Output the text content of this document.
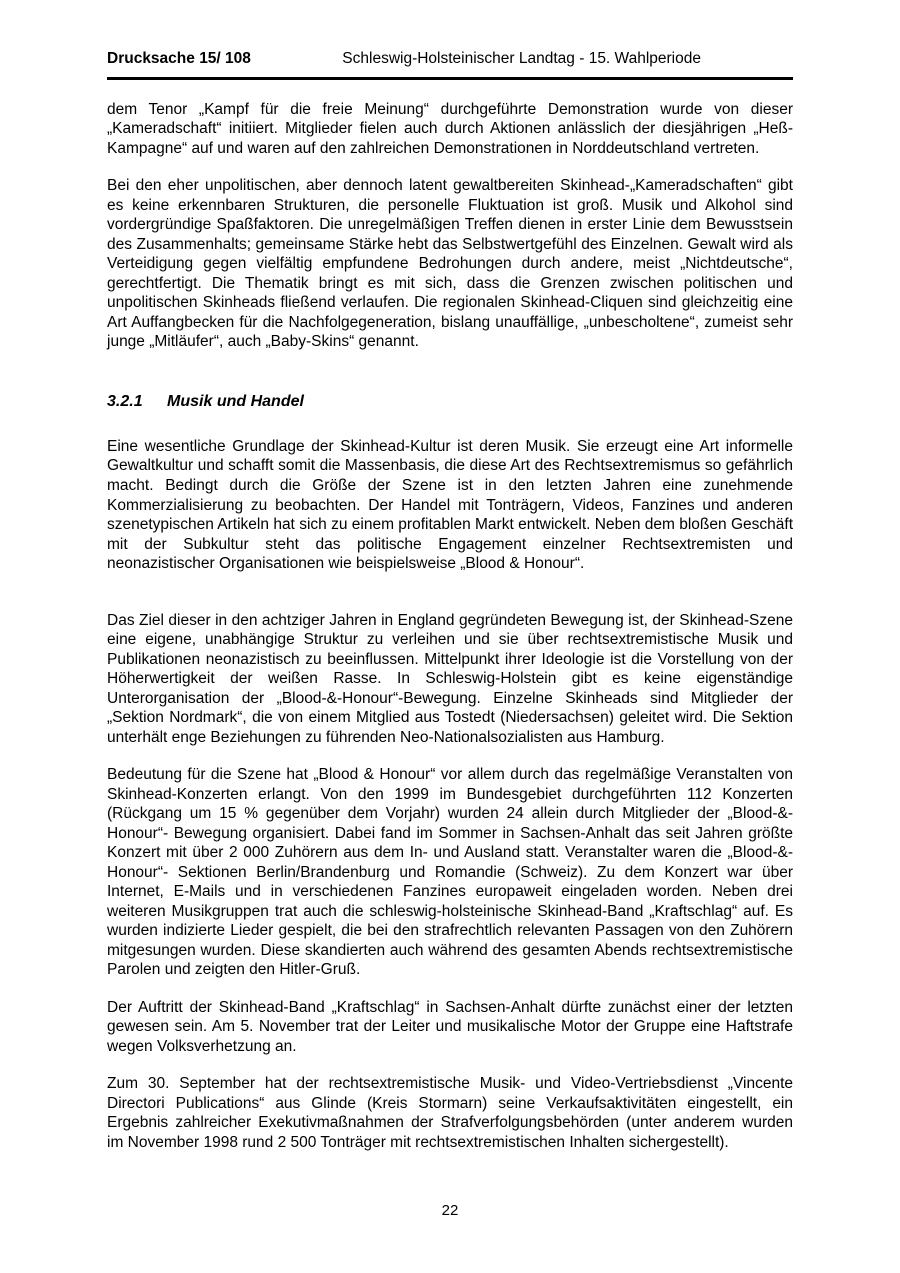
Drucksache 15/ 108	Schleswig-Holsteinischer Landtag - 15. Wahlperiode

dem Tenor „Kampf für die freie Meinung“ durchgeführte Demonstration wurde von dieser „Kameradschaft“ initiiert. Mitglieder fielen auch durch Aktionen anlässlich der diesjährigen „Heß-Kampagne“ auf und waren auf den zahlreichen Demonstrationen in Norddeutschland vertreten.

Bei den eher unpolitischen, aber dennoch latent gewaltbereiten Skinhead-„Kameradschaften“ gibt es keine erkennbaren Strukturen, die personelle Fluktuation ist groß. Musik und Alkohol sind vordergründige Spaßfaktoren. Die unregelmäßigen Treffen dienen in erster Linie dem Bewusstsein des Zusammenhalts; gemeinsame Stärke hebt das Selbstwertgefühl des Einzelnen. Gewalt wird als Verteidigung gegen vielfältig empfundene Bedrohungen durch andere, meist „Nichtdeutsche“, gerechtfertigt. Die Thematik bringt es mit sich, dass die Grenzen zwischen politischen und unpolitischen Skinheads fließend verlaufen. Die regionalen Skinhead-Cliquen sind gleichzeitig eine Art Auffangbecken für die Nachfolgegeneration, bislang unauffällige, „unbescholtene“, zumeist sehr junge „Mitläufer“, auch „Baby-Skins“ genannt.

3.2.1 Musik und Handel

Eine wesentliche Grundlage der Skinhead-Kultur ist deren Musik. Sie erzeugt eine Art informelle Gewaltkultur und schafft somit die Massenbasis, die diese Art des Rechtsextremismus so gefährlich macht. Bedingt durch die Größe der Szene ist in den letzten Jahren eine zunehmende Kommerzialisierung zu beobachten. Der Handel mit Tonträgern, Videos, Fanzines und anderen szenetypischen Artikeln hat sich zu einem profitablen Markt entwickelt. Neben dem bloßen Geschäft mit der Subkultur steht das politische Engagement einzelner Rechtsextremisten und neonazistischer Organisationen wie beispielsweise „Blood & Honour“.

Das Ziel dieser in den achtziger Jahren in England gegründeten Bewegung ist, der Skinhead-Szene eine eigene, unabhängige Struktur zu verleihen und sie über rechtsextremistische Musik und Publikationen neonazistisch zu beeinflussen. Mittelpunkt ihrer Ideologie ist die Vorstellung von der Höherwertigkeit der weißen Rasse. In Schleswig-Holstein gibt es keine eigenständige Unterorganisation der „Blood-&-Honour“-Bewegung. Einzelne Skinheads sind Mitglieder der „Sektion Nordmark“, die von einem Mitglied aus Tostedt (Niedersachsen) geleitet wird. Die Sektion unterhält enge Beziehungen zu führenden Neo-Nationalsozialisten aus Hamburg.

Bedeutung für die Szene hat „Blood & Honour“ vor allem durch das regelmäßige Veranstalten von Skinhead-Konzerten erlangt. Von den 1999 im Bundesgebiet durchgeführten 112 Konzerten (Rückgang um 15 % gegenüber dem Vorjahr) wurden 24 allein durch Mitglieder der „Blood-&-Honour“- Bewegung organisiert. Dabei fand im Sommer in Sachsen-Anhalt das seit Jahren größte Konzert mit über 2 000 Zuhörern aus dem In- und Ausland statt. Veranstalter waren die „Blood-&-Honour“- Sektionen Berlin/Brandenburg und Romandie (Schweiz). Zu dem Konzert war über Internet, E-Mails und in verschiedenen Fanzines europaweit eingeladen worden. Neben drei weiteren Musikgruppen trat auch die schleswig-holsteinische Skinhead-Band „Kraftschlag“ auf. Es wurden indizierte Lieder gespielt, die bei den strafrechtlich relevanten Passagen von den Zuhörern mitgesungen wurden. Diese skandierten auch während des gesamten Abends rechtsextremistische Parolen und zeigten den Hitler-Gruß.

Der Auftritt der Skinhead-Band „Kraftschlag“ in Sachsen-Anhalt dürfte zunächst einer der letzten gewesen sein. Am 5. November trat der Leiter und musikalische Motor der Gruppe eine Haftstrafe wegen Volksverhetzung an.

Zum 30. September hat der rechtsextremistische Musik- und Video-Vertriebsdienst „Vincente Directori Publications“ aus Glinde (Kreis Stormarn) seine Verkaufsaktivitäten eingestellt, ein Ergebnis zahlreicher Exekutivmaßnahmen der Strafverfolgungsbehörden (unter anderem wurden im November 1998 rund 2 500 Tonträger mit rechtsextremistischen Inhalten sichergestellt).

22
